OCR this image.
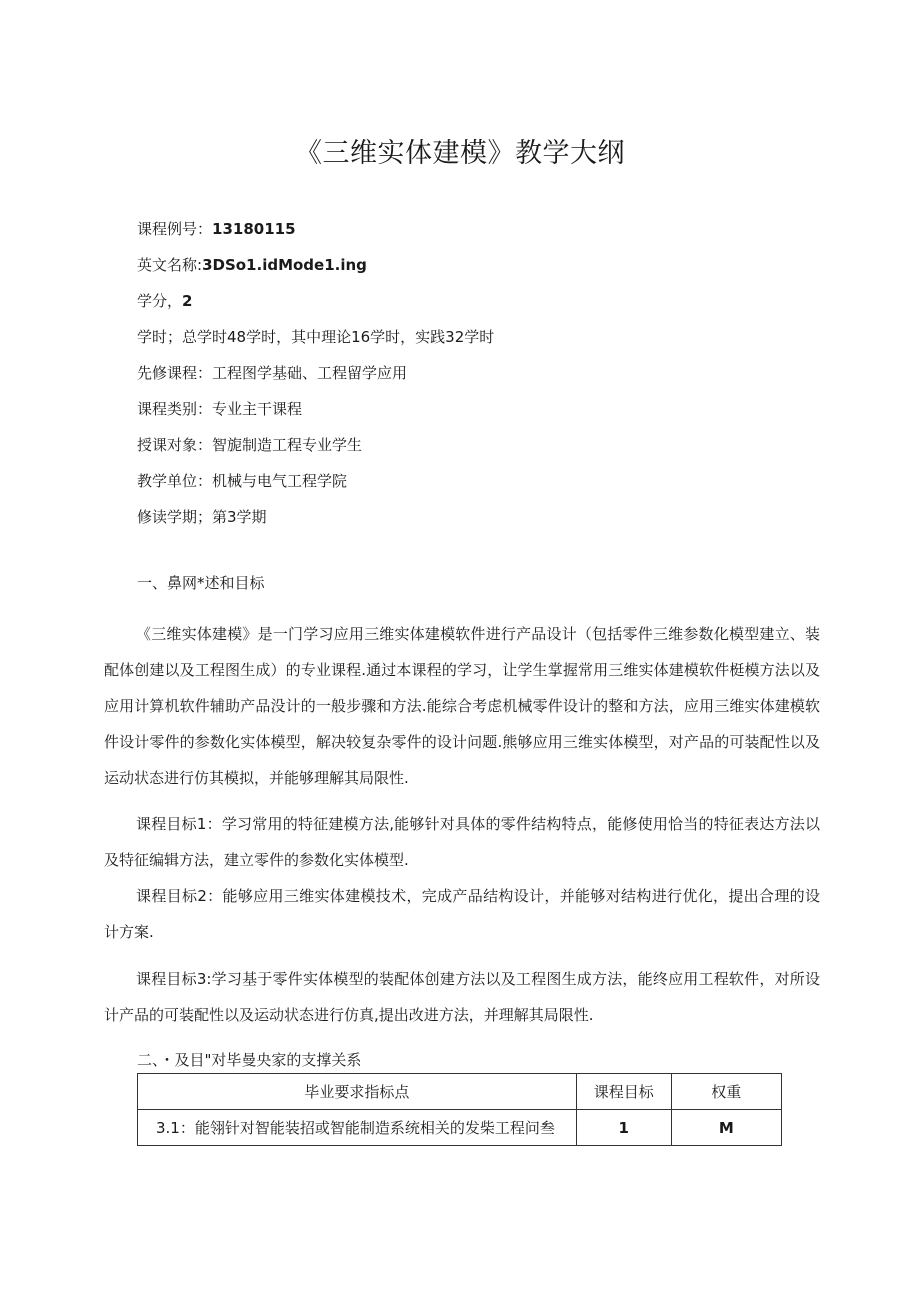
《三维实体建模》教学大纲
课程例号：13180115
英文名称:3DSo1.idMode1.ing
学分，2
学时；总学时48学时，其中理论16学时，实践32学时
先修课程：工程图学基础、工程留学应用
课程类别：专业主干课程
授课对象：智旎制造工程专业学生
教学单位：机械与电气工程学院
修读学期；第3学期
一、鼻网*述和目标

《三维实体建模》是一门学习应用三维实体建模软件进行产品设计（包括零件三维参数化模型建立、装配体创建以及工程图生成）的专业课程.通过本课程的学习，让学生掌握常用三维实体建模软件梃模方法以及应用计算机软件辅助产品没计的一般步骤和方法.能综合考虑机械零件设计的整和方法，应用三维实体建模软件设计零件的参数化实体模型，解决较复杂零件的设计问题.熊够应用三维实体模型，对产品的可装配性以及运动状态进行仿其模拟，并能够理解其局限性.

课程目标1：学习常用的特征建模方法,能够针对具体的零件结构特点，能修使用恰当的特征表达方法以及特征编辑方法，建立零件的参数化实体模型.

课程目标2：能够应用三维实体建模技术，完成产品结构设计，并能够对结构进行优化，提出合理的设计方案.

课程目标3:学习基于零件实体模型的装配体创建方法以及工程图生成方法，能终应用工程软件，对所设计产品的可装配性以及运动状态进行仿真,提出改进方法，并理解其局限性.

二、・及目"对毕曼央家的支撑关系
毕业要求指标点	课程目标	权重
3.1：能翎针对智能装招或智能制造系统相关的发柴工程问叁	1	M
